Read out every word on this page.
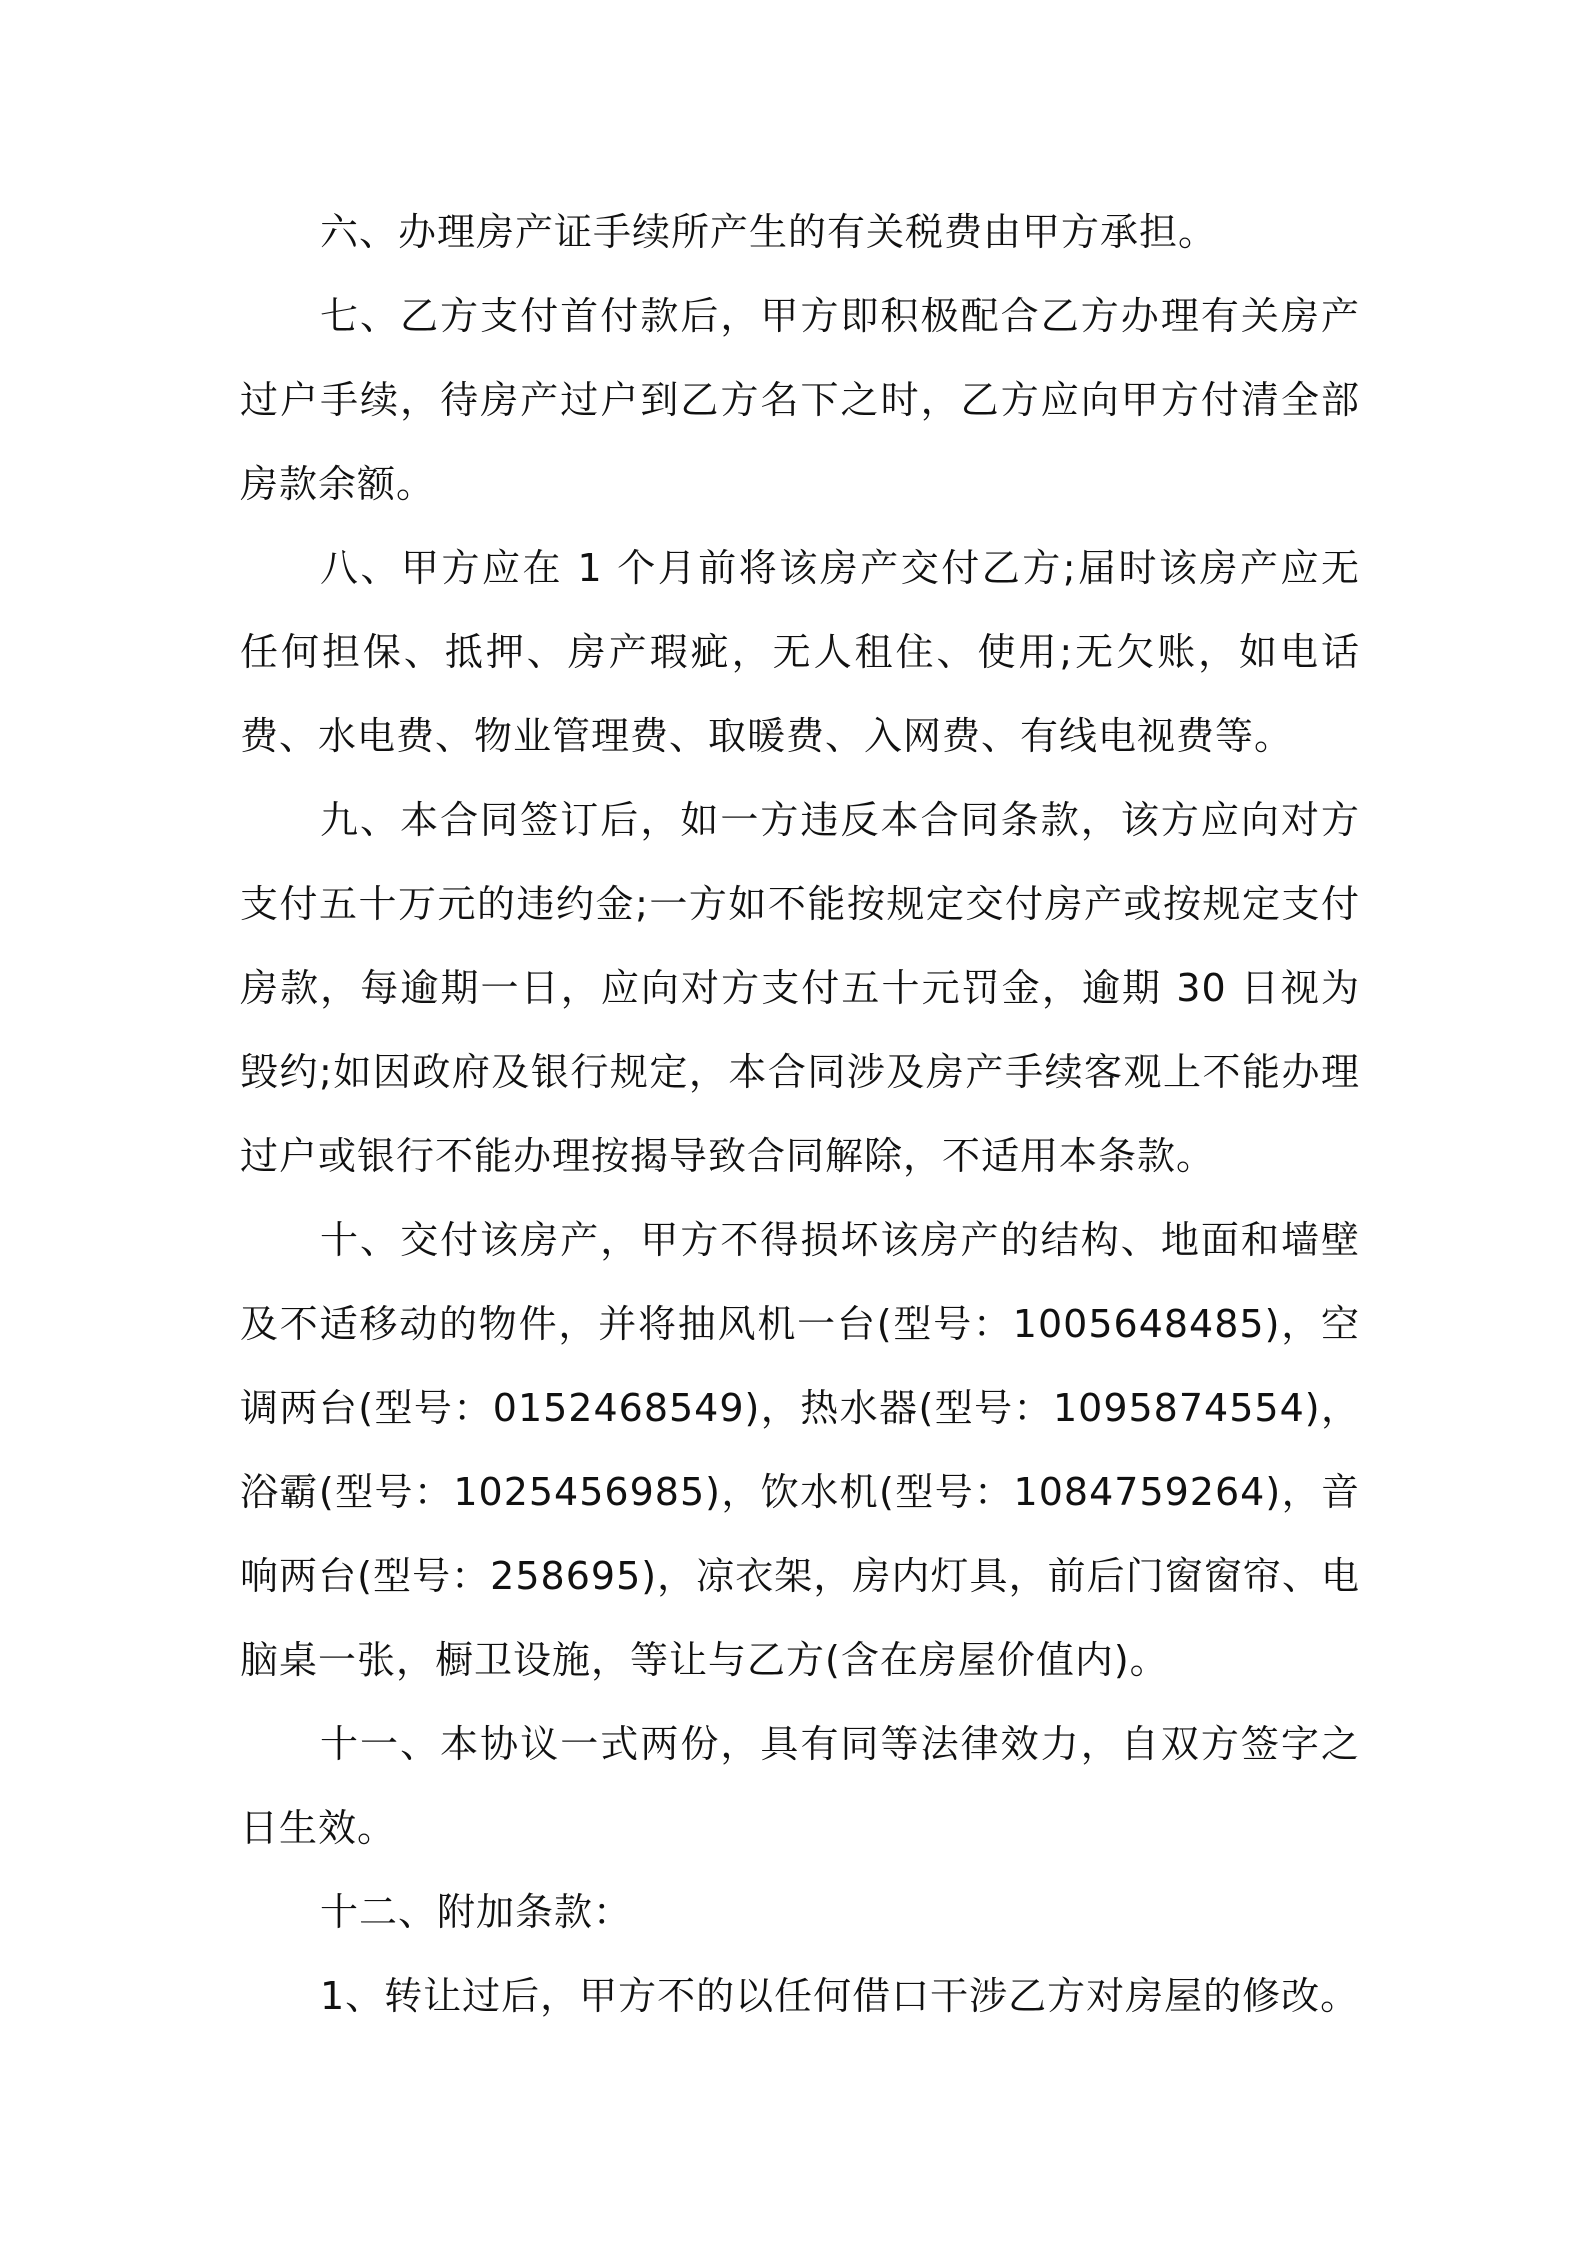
六、办理房产证手续所产生的有关税费由甲方承担。

七、乙方支付首付款后，甲方即积极配合乙方办理有关房产过户手续，待房产过户到乙方名下之时，乙方应向甲方付清全部房款余额。

八、甲方应在 1 个月前将该房产交付乙方;届时该房产应无任何担保、抵押、房产瑕疵，无人租住、使用;无欠账，如电话费、水电费、物业管理费、取暖费、入网费、有线电视费等。

九、本合同签订后，如一方违反本合同条款，该方应向对方支付五十万元的违约金;一方如不能按规定交付房产或按规定支付房款，每逾期一日，应向对方支付五十元罚金，逾期 30 日视为毁约;如因政府及银行规定，本合同涉及房产手续客观上不能办理过户或银行不能办理按揭导致合同解除，不适用本条款。

十、交付该房产，甲方不得损坏该房产的结构、地面和墙壁及不适移动的物件，并将抽风机一台(型号：1005648485)，空调两台(型号：0152468549)，热水器(型号：1095874554)，浴霸(型号：1025456985)，饮水机(型号：1084759264)，音响两台(型号：258695)，凉衣架，房内灯具，前后门窗窗帘、电脑桌一张，橱卫设施，等让与乙方(含在房屋价值内)。

十一、本协议一式两份，具有同等法律效力，自双方签字之日生效。

十二、附加条款：

1、转让过后，甲方不的以任何借口干涉乙方对房屋的修改。
